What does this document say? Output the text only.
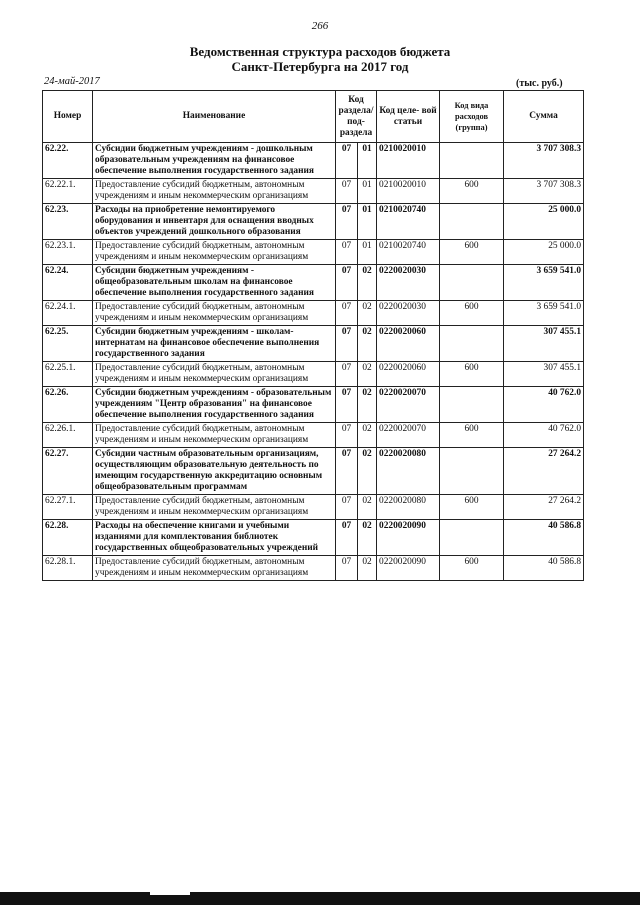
266
Ведомственная структура расходов бюджета
Санкт-Петербурга на 2017 год
24-май-2017	(тыс. руб.)
Номер	Наименование	Код раздела/ под- раздела		Код целе- вой статьи	Код вида расходов (группа)	Сумма
62.22.	Субсидии бюджетным учреждениям - дошкольным образовательным учреждениям на финансовое обеспечение выполнения государственного задания	07	01	0210020010		3 707 308.3
62.22.1.	Предоставление субсидий бюджетным, автономным учреждениям и иным некоммерческим организациям	07	01	0210020010	600	3 707 308.3
62.23.	Расходы на приобретение немонтируемого оборудования и инвентаря для оснащения вводных объектов учреждений дошкольного образования	07	01	0210020740		25 000.0
62.23.1.	Предоставление субсидий бюджетным, автономным учреждениям и иным некоммерческим организациям	07	01	0210020740	600	25 000.0
62.24.	Субсидии бюджетным учреждениям - общеобразовательным школам на финансовое обеспечение выполнения государственного задания	07	02	0220020030		3 659 541.0
62.24.1.	Предоставление субсидий бюджетным, автономным учреждениям и иным некоммерческим организациям	07	02	0220020030	600	3 659 541.0
62.25.	Субсидии бюджетным учреждениям - школам-интернатам на финансовое обеспечение выполнения государственного задания	07	02	0220020060		307 455.1
62.25.1.	Предоставление субсидий бюджетным, автономным учреждениям и иным некоммерческим организациям	07	02	0220020060	600	307 455.1
62.26.	Субсидии бюджетным учреждениям - образовательным учреждениям "Центр образования" на финансовое обеспечение выполнения государственного задания	07	02	0220020070		40 762.0
62.26.1.	Предоставление субсидий бюджетным, автономным учреждениям и иным некоммерческим организациям	07	02	0220020070	600	40 762.0
62.27.	Субсидии частным образовательным организациям, осуществляющим образовательную деятельность по имеющим государственную аккредитацию основным общеобразовательным программам	07	02	0220020080		27 264.2
62.27.1.	Предоставление субсидий бюджетным, автономным учреждениям и иным некоммерческим организациям	07	02	0220020080	600	27 264.2
62.28.	Расходы на обеспечение книгами и учебными изданиями для комплектования библиотек государственных общеобразовательных учреждений	07	02	0220020090		40 586.8
62.28.1.	Предоставление субсидий бюджетным, автономным учреждениям и иным некоммерческим организациям	07	02	0220020090	600	40 586.8
